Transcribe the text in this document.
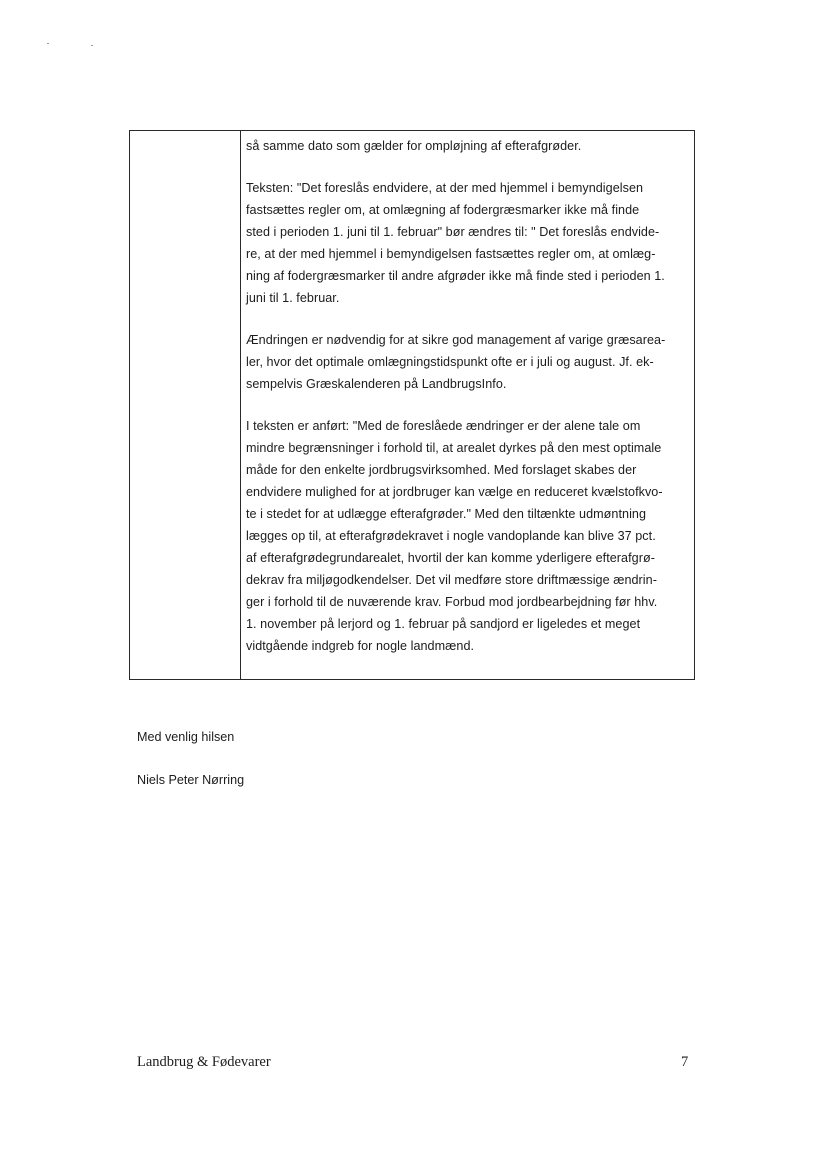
så samme dato som gælder for ompløjning af efterafgrøder.

Teksten: "Det foreslås endvidere, at der med hjemmel i bemyndigelsen
fastsættes regler om, at omlægning af fodergræsmarker ikke må finde
sted i perioden 1. juni til 1. februar" bør ændres til: " Det foreslås endvide-
re, at der med hjemmel i bemyndigelsen fastsættes regler om, at omlæg-
ning af fodergræsmarker til andre afgrøder ikke må finde sted i perioden 1.
juni til 1. februar.

Ændringen er nødvendig for at sikre god management af varige græsarea-
ler, hvor det optimale omlægningstidspunkt ofte er i juli og august. Jf. ek-
sempelvis Græskalenderen på LandbrugsInfo.

I teksten er anført: "Med de foreslåede ændringer er der alene tale om
mindre begrænsninger i forhold til, at arealet dyrkes på den mest optimale
måde for den enkelte jordbrugsvirksomhed. Med forslaget skabes der
endvidere mulighed for at jordbruger kan vælge en reduceret kvælstofkvo-
te i stedet for at udlægge efterafgrøder." Med den tiltænkte udmøntning
lægges op til, at efterafgrødekravet i nogle vandoplande kan blive 37 pct.
af efterafgrødegrundarealet, hvortil der kan komme yderligere efterafgrø-
dekrav fra miljøgodkendelser. Det vil medføre store driftmæssige ændrin-
ger i forhold til de nuværende krav. Forbud mod jordbearbejdning før hhv.
1. november på lerjord og 1. februar på sandjord er ligeledes et meget
vidtgående indgreb for nogle landmænd.

Med venlig hilsen
Niels Peter Nørring
Landbrug & Fødevarer	7
